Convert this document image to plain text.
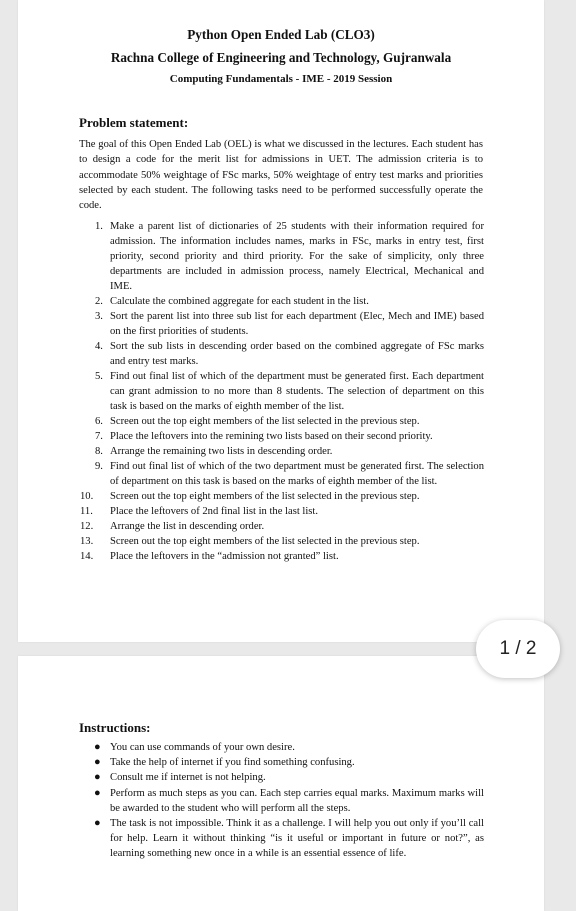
Python Open Ended Lab (CLO3)
Rachna College of Engineering and Technology, Gujranwala
Computing Fundamentals - IME - 2019 Session
Problem statement:

The goal of this Open Ended Lab (OEL) is what we discussed in the lectures. Each student has to design a code for the merit list for admissions in UET. The admission criteria is to accommodate 50% weightage of FSc marks, 50% weightage of entry test marks and priorities selected by each student. The following tasks need to be performed successfully operate the code.

1. Make a parent list of dictionaries of 25 students with their information required for admission. The information includes names, marks in FSc, marks in entry test, first priority, second priority and third priority. For the sake of simplicity, only three departments are included in admission process, namely Electrical, Mechanical and IME.
2. Calculate the combined aggregate for each student in the list.
3. Sort the parent list into three sub list for each department (Elec, Mech and IME) based on the first priorities of students.
4. Sort the sub lists in descending order based on the combined aggregate of FSc marks and entry test marks.
5. Find out final list of which of the department must be generated first. Each department can grant admission to no more than 8 students. The selection of department on this task is based on the marks of eighth member of the list.
6. Screen out the top eight members of the list selected in the previous step.
7. Place the leftovers into the remining two lists based on their second priority.
8. Arrange the remaining two lists in descending order.
9. Find out final list of which of the two department must be generated first. The selection of department on this task is based on the marks of eighth member of the list.
10. Screen out the top eight members of the list selected in the previous step.
11. Place the leftovers of 2nd final list in the last list.
12. Arrange the list in descending order.
13. Screen out the top eight members of the list selected in the previous step.
14. Place the leftovers in the “admission not granted” list.
Instructions:
● You can use commands of your own desire.
● Take the help of internet if you find something confusing.
● Consult me if internet is not helping.
● Perform as much steps as you can. Each step carries equal marks. Maximum marks will be awarded to the student who will perform all the steps.
● The task is not impossible. Think it as a challenge. I will help you out only if you’ll call for help. Learn it without thinking “is it useful or important in future or not?”, as learning something new once in a while is an essential essence of life.
1 / 2
